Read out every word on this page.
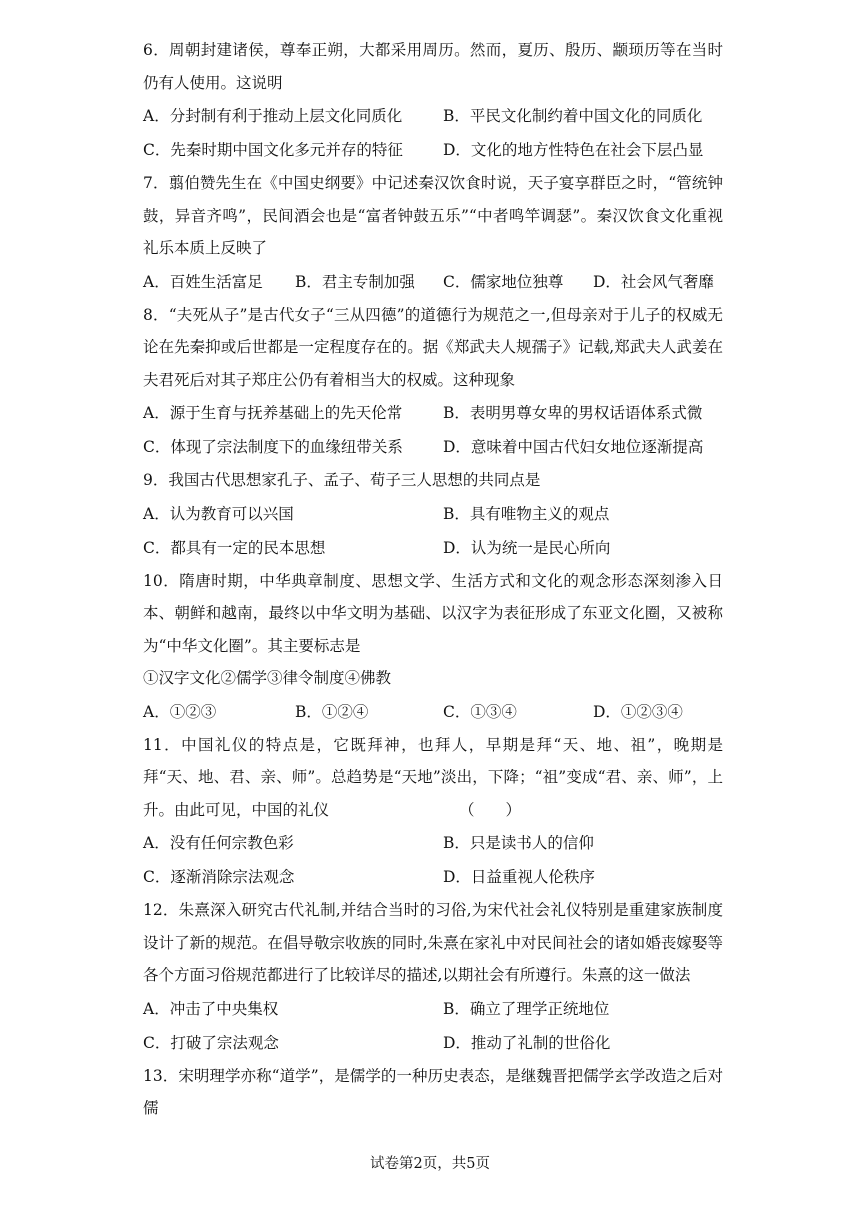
6．周朝封建诸侯，尊奉正朔，大都采用周历。然而，夏历、殷历、颛顼历等在当时仍有人使用。这说明

A．分封制有利于推动上层文化同质化	B．平民文化制约着中国文化的同质化
C．先秦时期中国文化多元并存的特征	D．文化的地方性特色在社会下层凸显

7．翦伯赞先生在《中国史纲要》中记述秦汉饮食时说，天子宴享群臣之时，“管统钟鼓，异音齐鸣”，民间酒会也是“富者钟鼓五乐”“中者鸣竿调瑟”。秦汉饮食文化重视礼乐本质上反映了

A．百姓生活富足 B．君主专制加强 C．儒家地位独尊 D．社会风气奢靡

8．“夫死从子”是古代女子“三从四德”的道德行为规范之一,但母亲对于儿子的权威无论在先秦抑或后世都是一定程度存在的。据《郑武夫人规孺子》记载,郑武夫人武姜在夫君死后对其子郑庄公仍有着相当大的权威。这种现象

A．源于生育与抚养基础上的先天伦常	B．表明男尊女卑的男权话语体系式微
C．体现了宗法制度下的血缘纽带关系	D．意味着中国古代妇女地位逐渐提高

9．我国古代思想家孔子、孟子、荀子三人思想的共同点是

A．认为教育可以兴国	B．具有唯物主义的观点
C．都具有一定的民本思想	D．认为统一是民心所向

10．隋唐时期，中华典章制度、思想文学、生活方式和文化的观念形态深刻渗入日本、朝鲜和越南，最终以中华文明为基础、以汉字为表征形成了东亚文化圈，又被称为“中华文化圈”。其主要标志是

①汉字文化②儒学③律令制度④佛教

A．①②③	B．①②④	C．①③④	D．①②③④

11．中国礼仪的特点是，它既拜神，也拜人，早期是拜“天、地、祖”，晚期是拜“天、地、君、亲、师”。总趋势是“天地”淡出，下降；“祖”变成“君、亲、师”，上升。由此可见，中国的礼仪	（　　）

A．没有任何宗教色彩	B．只是读书人的信仰
C．逐渐消除宗法观念	D．日益重视人伦秩序

12．朱熹深入研究古代礼制,并结合当时的习俗,为宋代社会礼仪特别是重建家族制度设计了新的规范。在倡导敬宗收族的同时,朱熹在家礼中对民间社会的诸如婚丧嫁娶等各个方面习俗规范都进行了比较详尽的描述,以期社会有所遵行。朱熹的这一做法

A．冲击了中央集权	B．确立了理学正统地位
C．打破了宗法观念	D．推动了礼制的世俗化

13．宋明理学亦称“道学”，是儒学的一种历史表态，是继魏晋把儒学玄学改造之后对儒

试卷第2页，共5页
